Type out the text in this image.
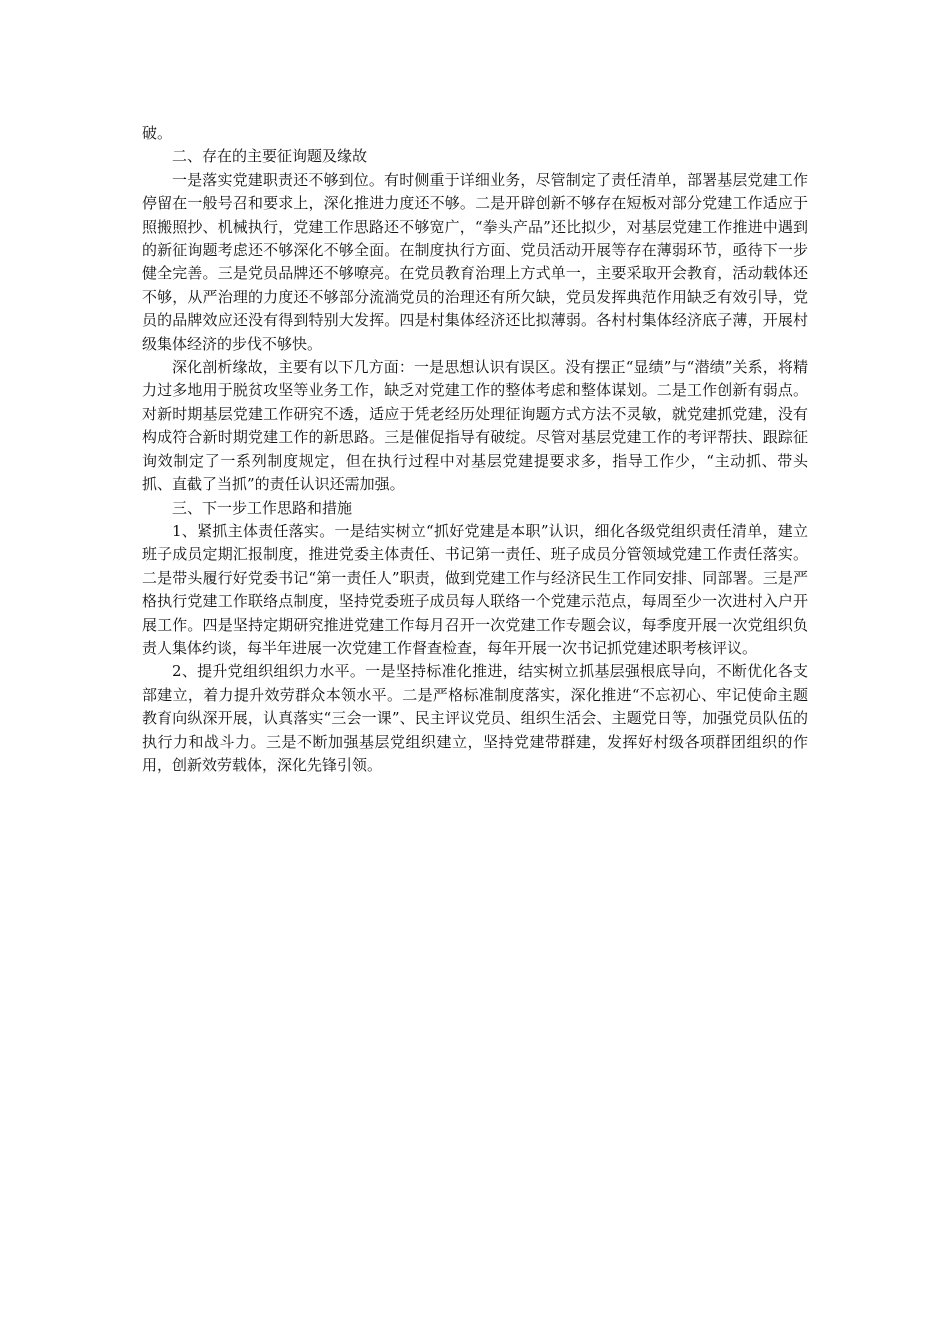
破。

二、存在的主要征询题及缘故

一是落实党建职责还不够到位。有时侧重于详细业务，尽管制定了责任清单，部署基层党建工作停留在一般号召和要求上，深化推进力度还不够。二是开辟创新不够存在短板对部分党建工作适应于照搬照抄、机械执行，党建工作思路还不够宽广，“拳头产品”还比拟少，对基层党建工作推进中遇到的新征询题考虑还不够深化不够全面。在制度执行方面、党员活动开展等存在薄弱环节，亟待下一步健全完善。三是党员品牌还不够嘹亮。在党员教育治理上方式单一，主要采取开会教育，活动载体还不够，从严治理的力度还不够部分流淌党员的治理还有所欠缺，党员发挥典范作用缺乏有效引导，党员的品牌效应还没有得到特别大发挥。四是村集体经济还比拟薄弱。各村村集体经济底子薄，开展村级集体经济的步伐不够快。

深化剖析缘故，主要有以下几方面：一是思想认识有误区。没有摆正“显绩”与“潜绩”关系，将精力过多地用于脱贫攻坚等业务工作，缺乏对党建工作的整体考虑和整体谋划。二是工作创新有弱点。对新时期基层党建工作研究不透，适应于凭老经历处理征询题方式方法不灵敏，就党建抓党建，没有构成符合新时期党建工作的新思路。三是催促指导有破绽。尽管对基层党建工作的考评帮扶、跟踪征询效制定了一系列制度规定，但在执行过程中对基层党建提要求多，指导工作少，“主动抓、带头抓、直截了当抓”的责任认识还需加强。

三、下一步工作思路和措施

1、紧抓主体责任落实。一是结实树立“抓好党建是本职”认识，细化各级党组织责任清单，建立班子成员定期汇报制度，推进党委主体责任、书记第一责任、班子成员分管领域党建工作责任落实。二是带头履行好党委书记“第一责任人”职责，做到党建工作与经济民生工作同安排、同部署。三是严格执行党建工作联络点制度，坚持党委班子成员每人联络一个党建示范点，每周至少一次进村入户开展工作。四是坚持定期研究推进党建工作每月召开一次党建工作专题会议，每季度开展一次党组织负责人集体约谈，每半年进展一次党建工作督查检查，每年开展一次书记抓党建述职考核评议。

2、提升党组织组织力水平。一是坚持标准化推进，结实树立抓基层强根底导向，不断优化各支部建立，着力提升效劳群众本领水平。二是严格标准制度落实，深化推进“不忘初心、牢记使命主题教育向纵深开展，认真落实“三会一课”、民主评议党员、组织生活会、主题党日等，加强党员队伍的执行力和战斗力。三是不断加强基层党组织建立，坚持党建带群建，发挥好村级各项群团组织的作用，创新效劳载体，深化先锋引领。
